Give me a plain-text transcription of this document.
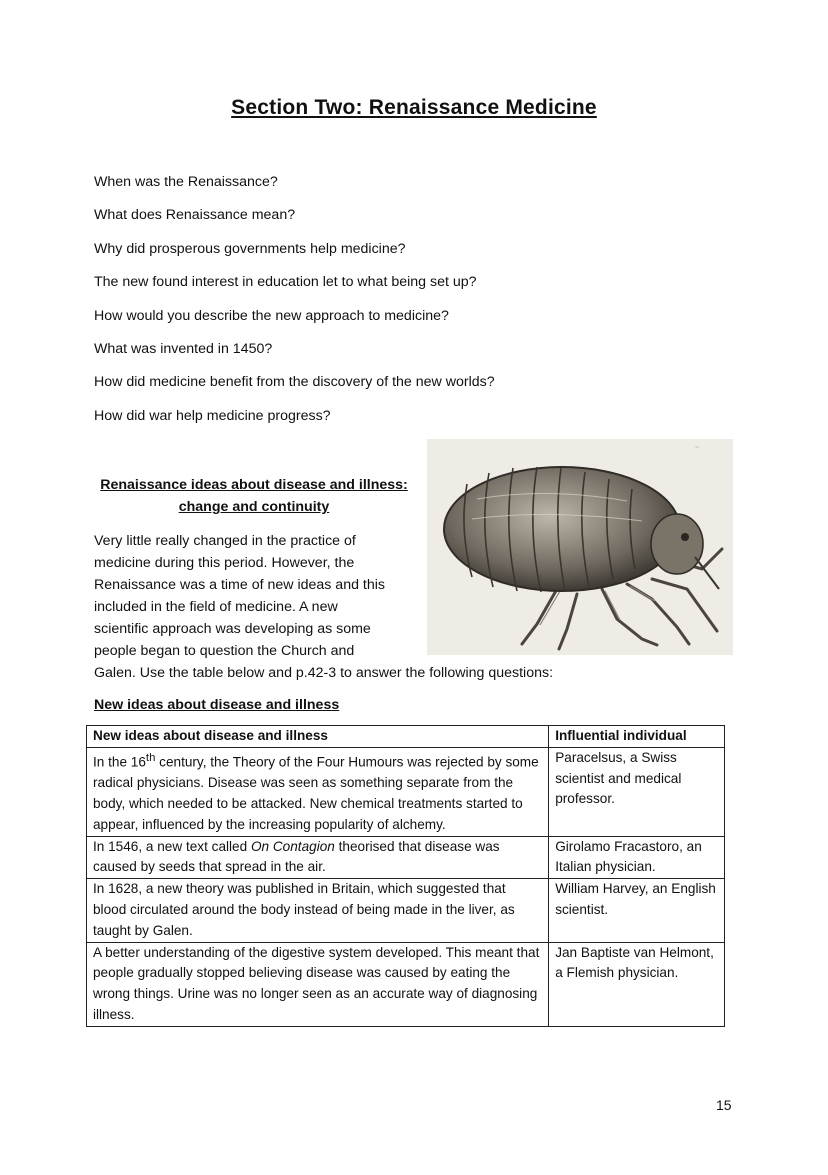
Section Two: Renaissance Medicine
When was the Renaissance?
What does Renaissance mean?
Why did prosperous governments help medicine?
The new found interest in education let to what being set up?
How would you describe the new approach to medicine?
What was invented in 1450?
How did medicine benefit from the discovery of the new worlds?
How did war help medicine progress?
~
Renaissance ideas about disease and illness:
change and continuity
Very little really changed in the practice of
medicine during this period. However, the
Renaissance was a time of new ideas and this
included in the field of medicine. A new
scientific approach was developing as some
people began to question the Church and
Galen. Use the table below and p.42-3 to answer the following questions:
New ideas about disease and illness
New ideas about disease and illness	Influential individual
In the 16th century, the Theory of the Four Humours was rejected by some radical physicians. Disease was seen as something separate from the body, which needed to be attacked. New chemical treatments started to appear, influenced by the increasing popularity of alchemy.	Paracelsus, a Swiss scientist and medical professor.
In 1546, a new text called On Contagion theorised that disease was caused by seeds that spread in the air.	Girolamo Fracastoro, an Italian physician.
In 1628, a new theory was published in Britain, which suggested that blood circulated around the body instead of being made in the liver, as taught by Galen.	William Harvey, an English scientist.
A better understanding of the digestive system developed. This meant that people gradually stopped believing disease was caused by eating the wrong things. Urine was no longer seen as an accurate way of diagnosing illness.	Jan Baptiste van Helmont, a Flemish physician.
15
